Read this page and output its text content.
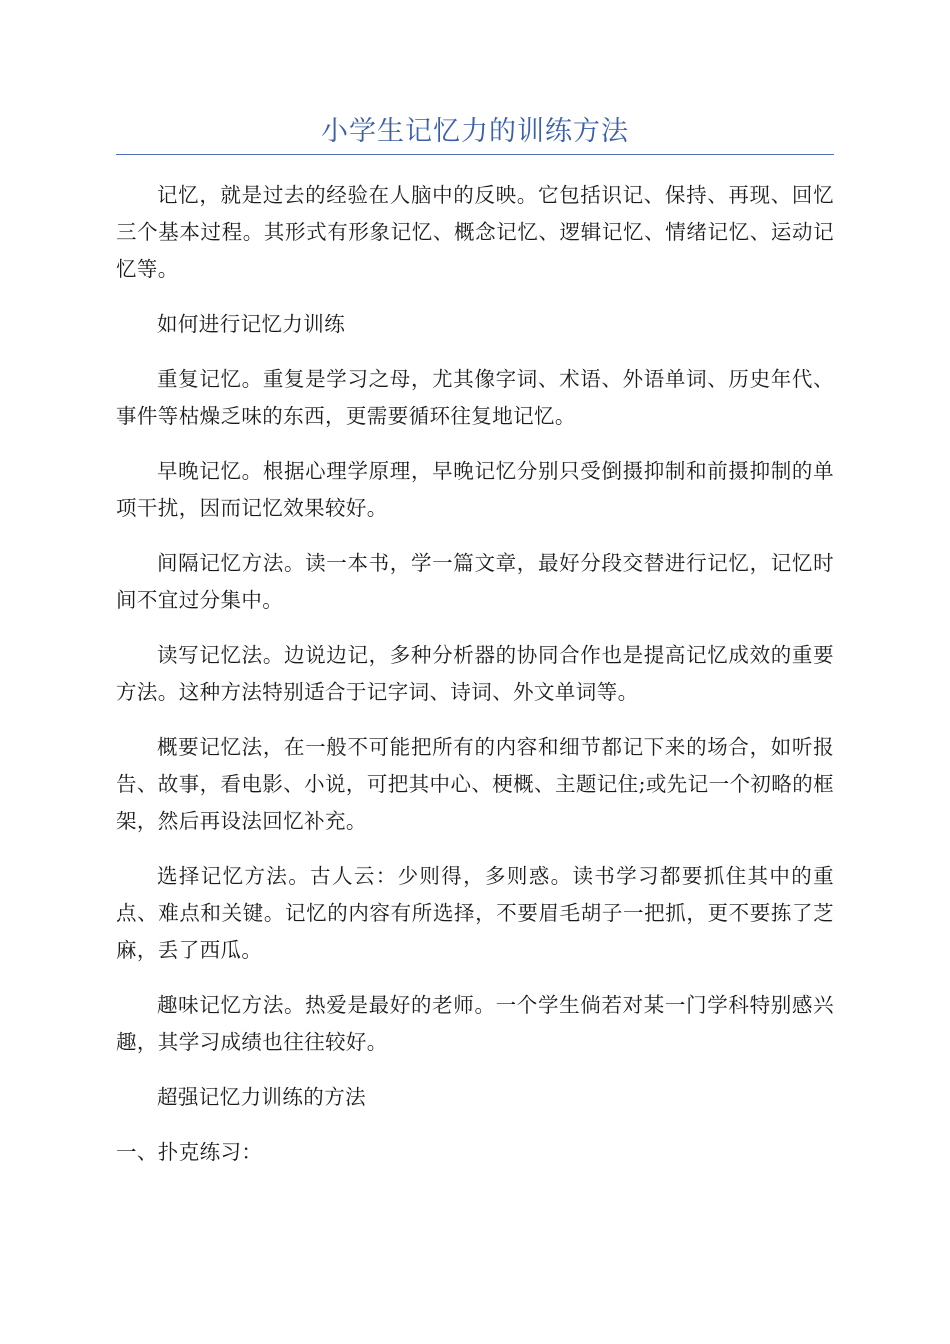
小学生记忆力的训练方法

记忆，就是过去的经验在人脑中的反映。它包括识记、保持、再现、回忆三个基本过程。其形式有形象记忆、概念记忆、逻辑记忆、情绪记忆、运动记忆等。

如何进行记忆力训练

重复记忆。重复是学习之母，尤其像字词、术语、外语单词、历史年代、事件等枯燥乏味的东西，更需要循环往复地记忆。

早晚记忆。根据心理学原理，早晚记忆分别只受倒摄抑制和前摄抑制的单项干扰，因而记忆效果较好。

间隔记忆方法。读一本书，学一篇文章，最好分段交替进行记忆，记忆时间不宜过分集中。

读写记忆法。边说边记，多种分析器的协同合作也是提高记忆成效的重要方法。这种方法特别适合于记字词、诗词、外文单词等。

概要记忆法，在一般不可能把所有的内容和细节都记下来的场合，如听报告、故事，看电影、小说，可把其中心、梗概、主题记住;或先记一个初略的框架，然后再设法回忆补充。

选择记忆方法。古人云：少则得，多则惑。读书学习都要抓住其中的重点、难点和关键。记忆的内容有所选择，不要眉毛胡子一把抓，更不要拣了芝麻，丢了西瓜。

趣味记忆方法。热爱是最好的老师。一个学生倘若对某一门学科特别感兴趣，其学习成绩也往往较好。

超强记忆力训练的方法

一、扑克练习：
